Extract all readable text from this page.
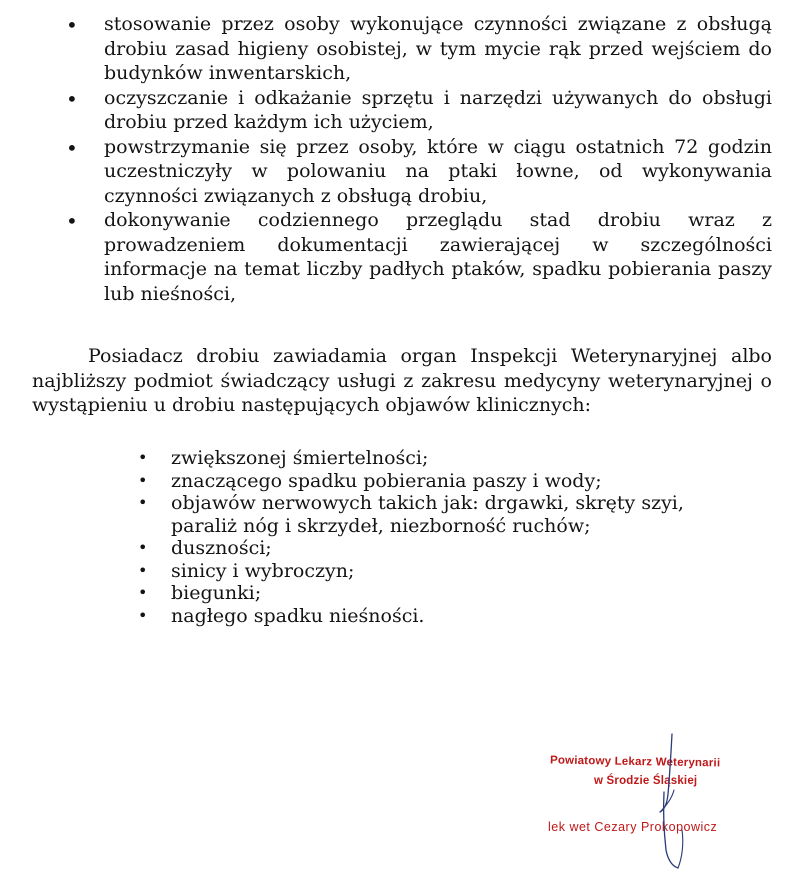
• stosowanie przez osoby wykonujące czynności związane z obsługą drobiu zasad higieny osobistej, w tym mycie rąk przed wejściem do budynków inwentarskich,
• oczyszczanie i odkażanie sprzętu i narzędzi używanych do obsługi drobiu przed każdym ich użyciem,
• powstrzymanie się przez osoby, które w ciągu ostatnich 72 godzin uczestniczyły w polowaniu na ptaki łowne, od wykonywania czynności związanych z obsługą drobiu,
• dokonywanie codziennego przeglądu stad drobiu wraz z prowadzeniem dokumentacji zawierającej w szczególności informacje na temat liczby padłych ptaków, spadku pobierania paszy lub nieśności,

Posiadacz drobiu zawiadamia organ Inspekcji Weterynaryjnej albo najbliższy podmiot świadczący usługi z zakresu medycyny weterynaryjnej o wystąpieniu u drobiu następujących objawów klinicznych:

• zwiększonej śmiertelności;
• znaczącego spadku pobierania paszy i wody;
• objawów nerwowych takich jak: drgawki, skręty szyi, paraliż nóg i skrzydeł, niezborność ruchów;
• duszności;
• sinicy i wybroczyn;
• biegunki;
• nagłego spadku nieśności.
Powiatowy Lekarz Weterynarii
w Środzie Śląskiej
lek wet Cezary Prokopowicz
